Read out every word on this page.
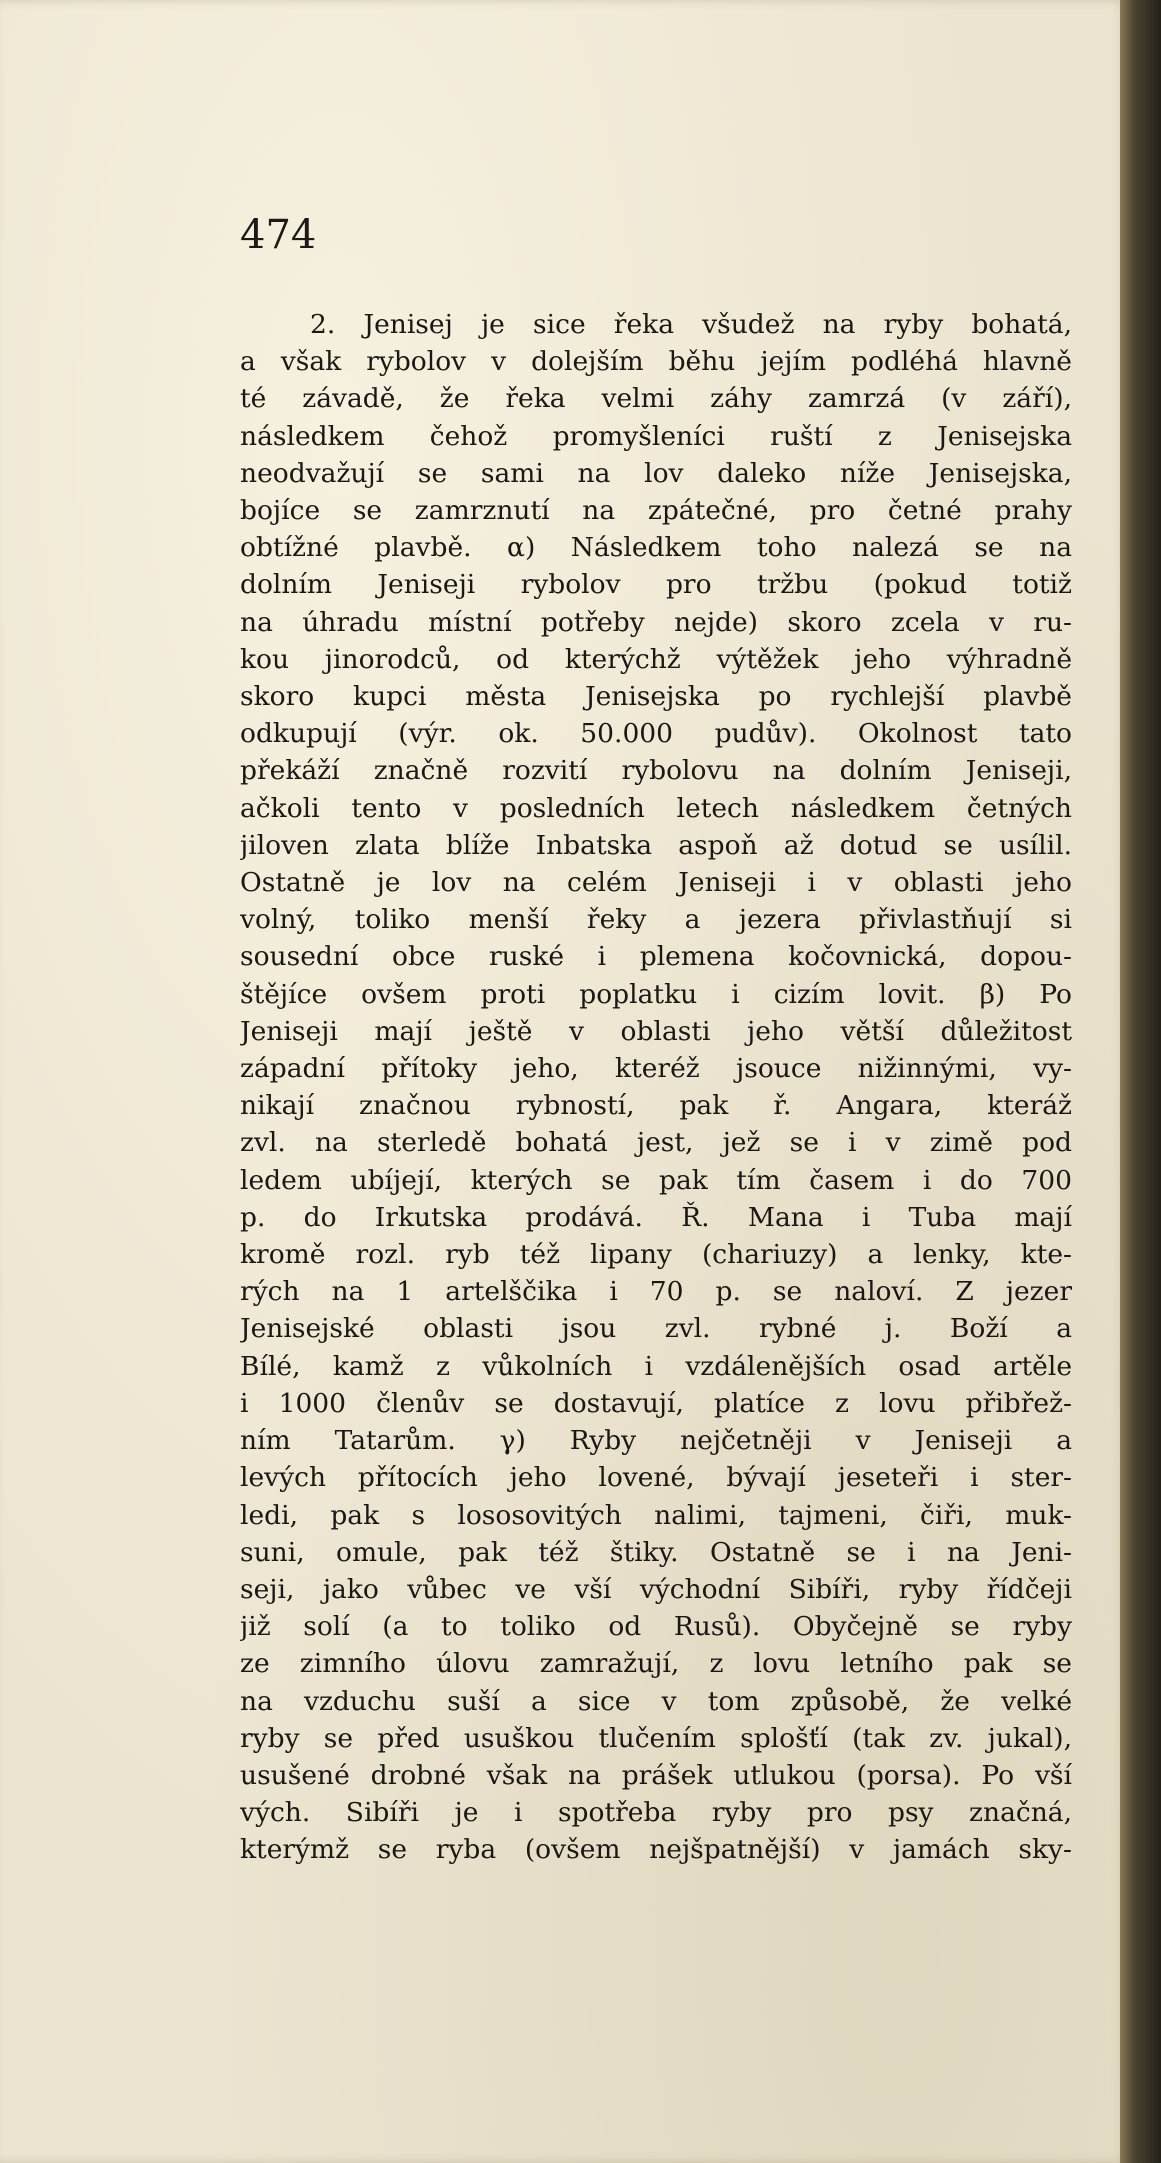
474

2. Jenisej je sice řeka všudež na ryby bohatá,
a však rybolov v dolejším běhu jejím podléhá hlavně
té závadě, že řeka velmi záhy zamrzá (v září),
následkem čehož promyšleníci ruští z Jenisejska
neodvažují se sami na lov daleko níže Jenisejska,
bojíce se zamrznutí na zpátečné, pro četné prahy
obtížné plavbě. α) Následkem toho nalezá se na
dolním Jeniseji rybolov pro tržbu (pokud totiž
na úhradu místní potřeby nejde) skoro zcela v ru-
kou jinorodců, od kterýchž výtěžek jeho výhradně
skoro kupci města Jenisejska po rychlejší plavbě
odkupují (výr. ok. 50.000 pudův). Okolnost tato
překáží značně rozvití rybolovu na dolním Jeniseji,
ačkoli tento v posledních letech následkem četných
jiloven zlata blíže Inbatska aspoň až dotud se usílil.
Ostatně je lov na celém Jeniseji i v oblasti jeho
volný, toliko menší řeky a jezera přivlastňují si
sousední obce ruské i plemena kočovnická, dopou-
štějíce ovšem proti poplatku i cizím lovit. β) Po
Jeniseji mají ještě v oblasti jeho větší důležitost
západní přítoky jeho, kteréž jsouce nižinnými, vy-
nikají značnou rybností, pak ř. Angara, kteráž
zvl. na sterledě bohatá jest, jež se i v zimě pod
ledem ubíjejí, kterých se pak tím časem i do 700
p. do Irkutska prodává. Ř. Mana i Tuba mají
kromě rozl. ryb též lipany (chariuzy) a lenky, kte-
rých na 1 artelščika i 70 p. se naloví. Z jezer
Jenisejské oblasti jsou zvl. rybné j. Boží a
Bílé, kamž z vůkolních i vzdálenějších osad artěle
i 1000 členův se dostavují, platíce z lovu přibřež-
ním Tatarům. γ) Ryby nejčetněji v Jeniseji a
levých přítocích jeho lovené, bývají jeseteři i ster-
ledi, pak s lososovitých nalimi, tajmeni, čiři, muk-
suni, omule, pak též štiky. Ostatně se i na Jeni-
seji, jako vůbec ve vší východní Sibíři, ryby řídčeji
již solí (a to toliko od Rusů). Obyčejně se ryby
ze zimního úlovu zamražují, z lovu letního pak se
na vzduchu suší a sice v tom způsobě, že velké
ryby se před usuškou tlučením splošťí (tak zv. jukal),
usušené drobné však na prášek utlukou (porsa). Po vší
vých. Sibíři je i spotřeba ryby pro psy značná,
kterýmž se ryba (ovšem nejšpatnější) v jamách sky-
